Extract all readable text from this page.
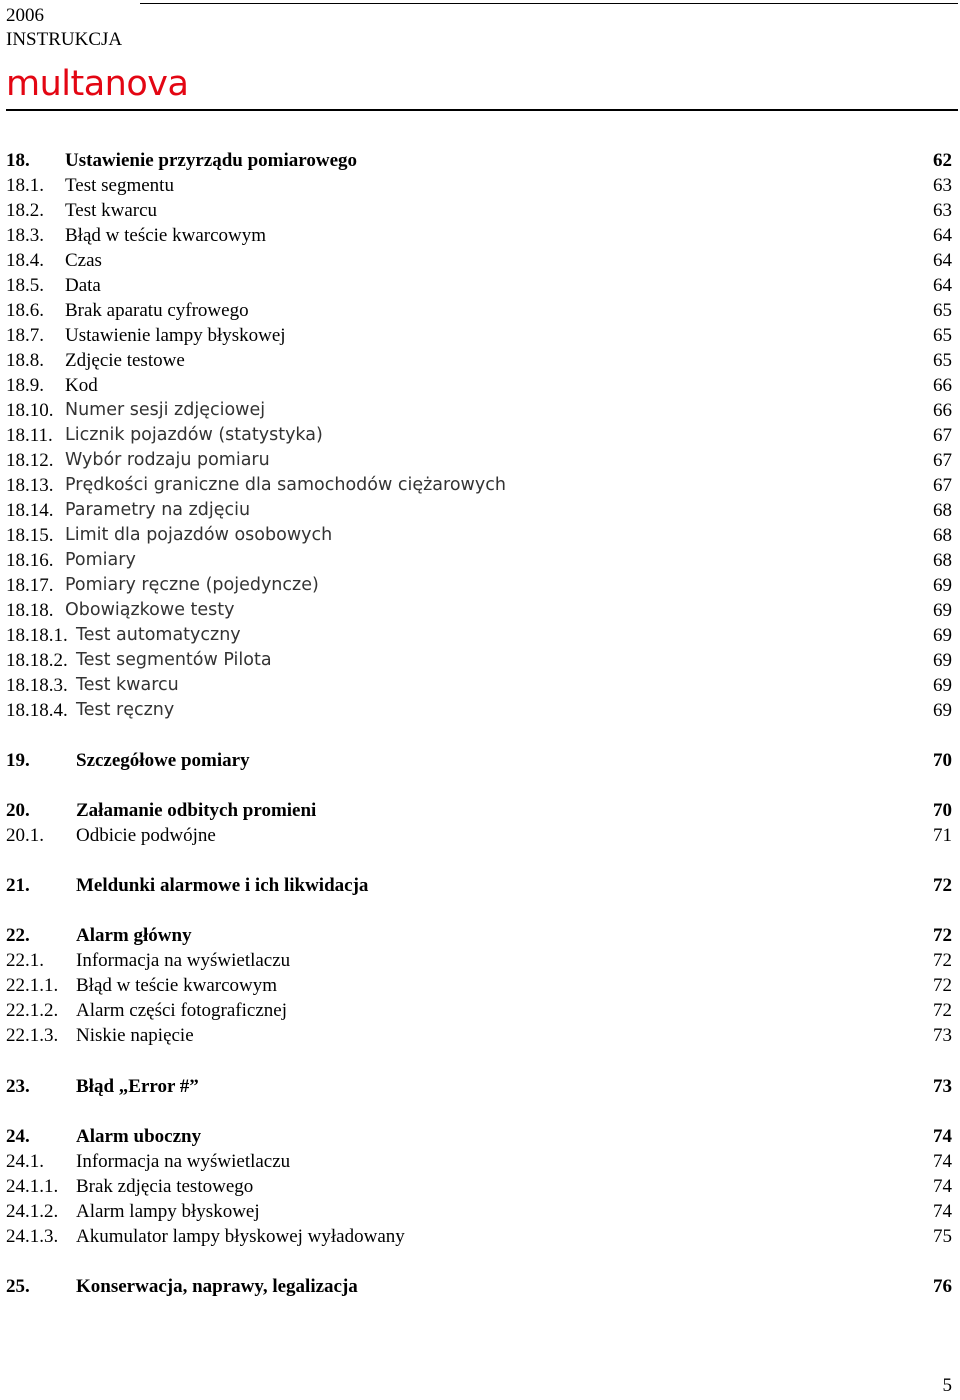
2006
INSTRUKCJA
multanova
18. Ustawienie przyrządu pomiarowego	62
18.1. Test segmentu	63
18.2. Test kwarcu	63
18.3. Błąd w teście kwarcowym	64
18.4. Czas	64
18.5. Data	64
18.6. Brak aparatu cyfrowego	65
18.7. Ustawienie lampy błyskowej	65
18.8. Zdjęcie testowe	65
18.9. Kod	66
18.10. Numer sesji zdjęciowej	66
18.11. Licznik pojazdów (statystyka)	67
18.12. Wybór rodzaju pomiaru	67
18.13. Prędkości graniczne dla samochodów ciężarowych	67
18.14. Parametry na zdjęciu	68
18.15. Limit dla pojazdów osobowych	68
18.16. Pomiary	68
18.17. Pomiary ręczne (pojedyncze)	69
18.18. Obowiązkowe testy	69
18.18.1. Test automatyczny	69
18.18.2. Test segmentów Pilota	69
18.18.3. Test kwarcu	69
18.18.4. Test ręczny	69
19. Szczegółowe pomiary	70
20. Załamanie odbitych promieni	70
20.1. Odbicie podwójne	71
21. Meldunki alarmowe i ich likwidacja	72
22. Alarm główny	72
22.1. Informacja na wyświetlaczu	72
22.1.1. Błąd w teście kwarcowym	72
22.1.2. Alarm części fotograficznej	72
22.1.3. Niskie napięcie	73
23. Błąd „Error #”	73
24. Alarm uboczny	74
24.1. Informacja na wyświetlaczu	74
24.1.1. Brak zdjęcia testowego	74
24.1.2. Alarm lampy błyskowej	74
24.1.3. Akumulator lampy błyskowej wyładowany	75
25. Konserwacja, naprawy, legalizacja	76
5
